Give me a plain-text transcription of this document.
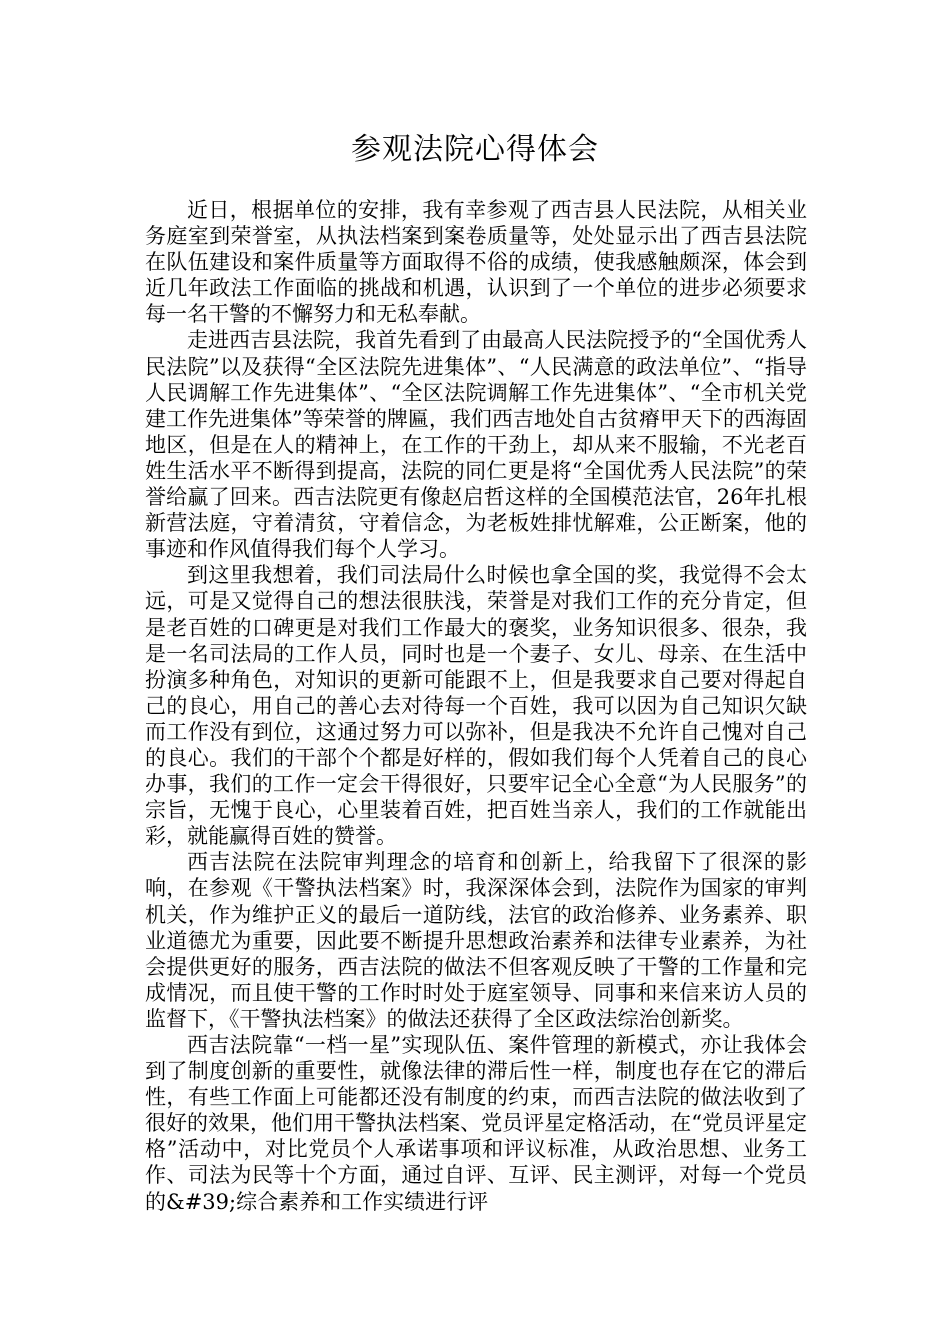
参观法院心得体会

近日，根据单位的安排，我有幸参观了西吉县人民法院，从相关业务庭室到荣誉室，从执法档案到案卷质量等，处处显示出了西吉县法院在队伍建设和案件质量等方面取得不俗的成绩，使我感触颇深，体会到近几年政法工作面临的挑战和机遇，认识到了一个单位的进步必须要求每一名干警的不懈努力和无私奉献。

走进西吉县法院，我首先看到了由最高人民法院授予的“全国优秀人民法院”以及获得“全区法院先进集体”、“人民满意的政法单位”、“指导人民调解工作先进集体”、“全区法院调解工作先进集体”、“全市机关党建工作先进集体”等荣誉的牌匾，我们西吉地处自古贫瘠甲天下的西海固地区，但是在人的精神上，在工作的干劲上，却从来不服输，不光老百姓生活水平不断得到提高，法院的同仁更是将“全国优秀人民法院”的荣誉给赢了回来。西吉法院更有像赵启哲这样的全国模范法官，26年扎根新营法庭，守着清贫，守着信念，为老板姓排忧解难，公正断案，他的事迹和作风值得我们每个人学习。

到这里我想着，我们司法局什么时候也拿全国的奖，我觉得不会太远，可是又觉得自己的想法很肤浅，荣誉是对我们工作的充分肯定，但是老百姓的口碑更是对我们工作最大的褒奖，业务知识很多、很杂，我是一名司法局的工作人员，同时也是一个妻子、女儿、母亲、在生活中扮演多种角色，对知识的更新可能跟不上，但是我要求自己要对得起自己的良心，用自己的善心去对待每一个百姓，我可以因为自己知识欠缺而工作没有到位，这通过努力可以弥补，但是我决不允许自己愧对自己的良心。我们的干部个个都是好样的，假如我们每个人凭着自己的良心办事，我们的工作一定会干得很好，只要牢记全心全意“为人民服务”的宗旨，无愧于良心，心里装着百姓，把百姓当亲人，我们的工作就能出彩，就能赢得百姓的赞誉。

西吉法院在法院审判理念的培育和创新上，给我留下了很深的影响，在参观《干警执法档案》时，我深深体会到，法院作为国家的审判机关，作为维护正义的最后一道防线，法官的政治修养、业务素养、职业道德尤为重要，因此要不断提升思想政治素养和法律专业素养，为社会提供更好的服务，西吉法院的做法不但客观反映了干警的工作量和完成情况，而且使干警的工作时时处于庭室领导、同事和来信来访人员的监督下，《干警执法档案》的做法还获得了全区政法综治创新奖。

西吉法院靠“一档一星”实现队伍、案件管理的新模式，亦让我体会到了制度创新的重要性，就像法律的滞后性一样，制度也存在它的滞后性，有些工作面上可能都还没有制度的约束，而西吉法院的做法收到了很好的效果，他们用干警执法档案、党员评星定格活动，在“党员评星定格”活动中，对比党员个人承诺事项和评议标准，从政治思想、业务工作、司法为民等十个方面，通过自评、互评、民主测评，对每一个党员的&#39;综合素养和工作实绩进行评
